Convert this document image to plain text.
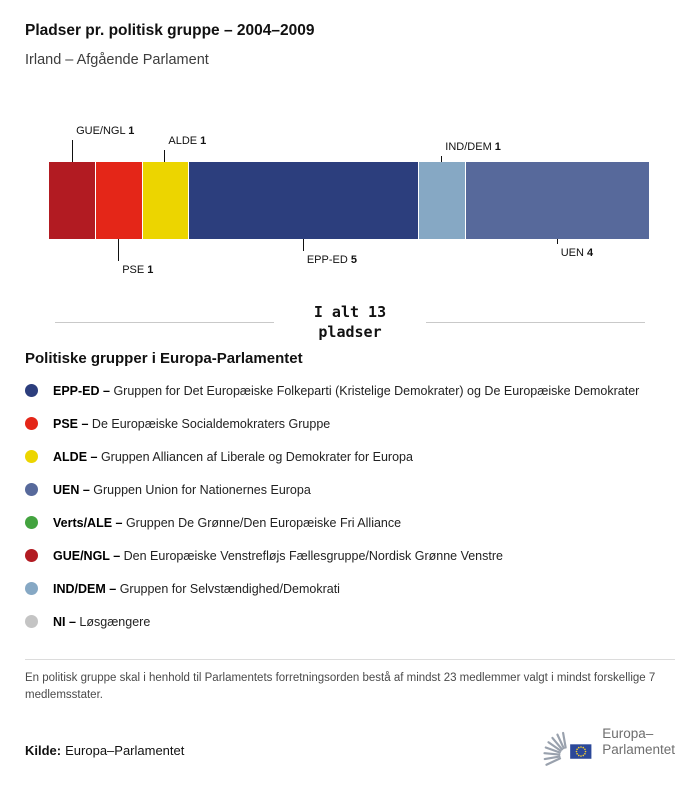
Pladser pr. politisk gruppe – 2004–2009
Irland – Afgående Parlament
GUE/NGL 1
ALDE 1	IND/DEM 1
PSE 1
EPP-ED 5
UEN 4
I alt 13
pladser
Politiske grupper i Europa-Parlamentet

EPP-ED – Gruppen for Det Europæiske Folkeparti (Kristelige Demokrater) og De Europæiske Demokrater

PSE – De Europæiske Socialdemokraters Gruppe

ALDE – Gruppen Alliancen af Liberale og Demokrater for Europa

UEN – Gruppen Union for Nationernes Europa

Verts/ALE – Gruppen De Grønne/Den Europæiske Fri Alliance

GUE/NGL – Den Europæiske Venstrefløjs Fællesgruppe/Nordisk Grønne Venstre

IND/DEM – Gruppen for Selvstændighed/Demokrati

NI – Løsgængere

En politisk gruppe skal i henhold til Parlamentets forretningsorden bestå af mindst 23 medlemmer valgt i mindst forskellige 7 medlemsstater.

Kilde: Europa–Parlamentet

Europa–
Parlamentet
